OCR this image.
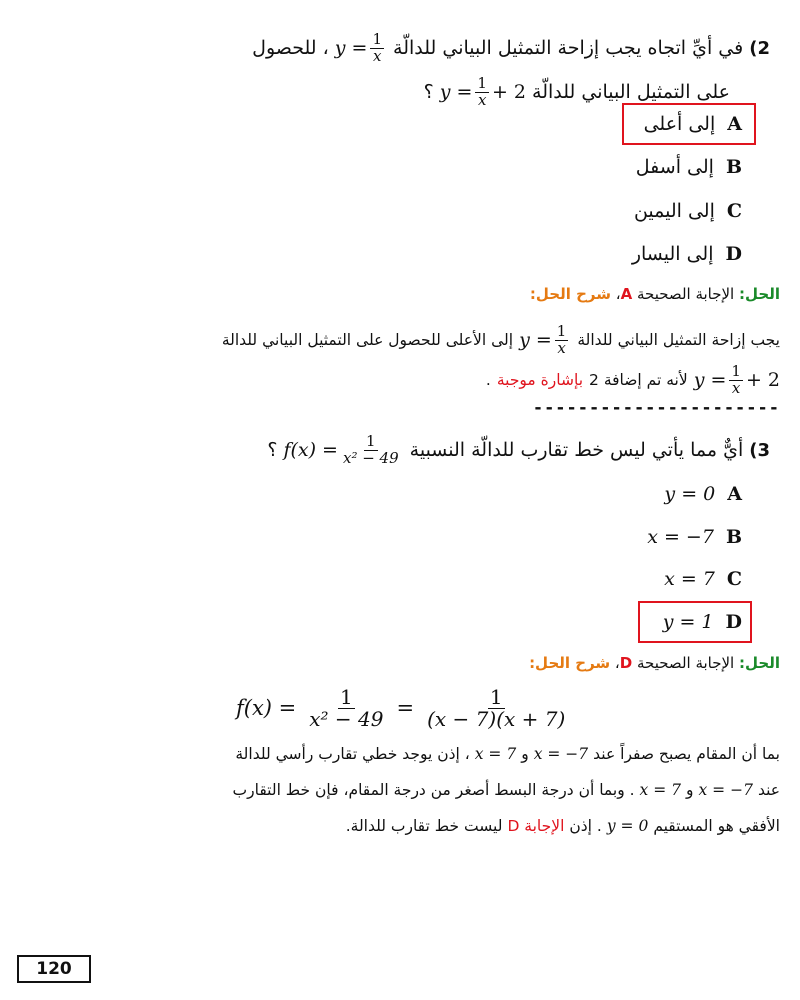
2)
في أيِّ اتجاه يجب إزاحة التمثيل البياني للدالّة
$y = \frac{1}{x}$
، للحصول
على التمثيل البياني للدالّة
$y = \frac{1}{x} + 2$
؟
إلى أعلى A
إلى أسفل B
إلى اليمين C
إلى اليسار D
الحل: الإجابة الصحيحة A، شرح الحل:
يجب إزاحة التمثيل البياني للدالة
$y = \frac{1}{x}$
إلى الأعلى للحصول على التمثيل البياني للدالة
$y = \frac{1}{x} + 2$
لأنه تم إضافة 2
بإشارة موجبة
.
----------------------
3)
أيٌّ مما يأتي ليس خط تقارب للدالّة النسبية
$f(x) = \frac{1}{\text{x² − 49}}$
؟
y = 0 A
x = −7 B
x = 7 C
y = 1 D
الحل: الإجابة الصحيحة D، شرح الحل:
$f(x) = \frac{1}{\text{x² − 49}} = \frac{1}{(x - 7)(x + 7)}$
بما أن المقام يصبح صفراً عند
x = −7
و
x = 7
، إذن يوجد خطي تقارب رأسي للدالة
عند
x = −7
و
x = 7
. وبما أن درجة البسط أصغر من درجة المقام، فإن خط التقارب
الأفقي هو المستقيم
y = 0
. إذن
الإجابة D
ليست خط تقارب للدالة.
120
